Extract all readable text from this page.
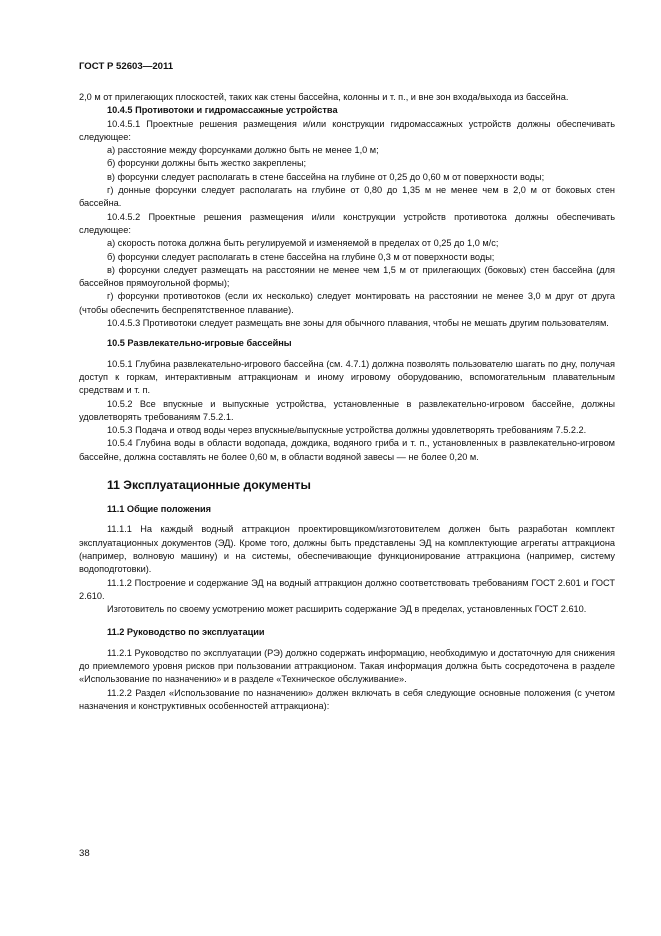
ГОСТ Р 52603—2011

2,0 м от прилегающих плоскостей, таких как стены бассейна, колонны и т. п., и вне зон входа/выхода из бассейна.

10.4.5 Противотоки и гидромассажные устройства

10.4.5.1 Проектные решения размещения и/или конструкции гидромассажных устройств должны обеспечивать следующее:

а) расстояние между форсунками должно быть не менее 1,0 м;

б) форсунки должны быть жестко закреплены;

в) форсунки следует располагать в стене бассейна на глубине от 0,25 до 0,60 м от поверхности воды;

г) донные форсунки следует располагать на глубине от 0,80 до 1,35 м не менее чем в 2,0 м от боковых стен бассейна.

10.4.5.2 Проектные решения размещения и/или конструкции устройств противотока должны обеспечивать следующее:

а) скорость потока должна быть регулируемой и изменяемой в пределах от 0,25 до 1,0 м/с;

б) форсунки следует располагать в стене бассейна на глубине 0,3 м от поверхности воды;

в) форсунки следует размещать на расстоянии не менее чем 1,5 м от прилегающих (боковых) стен бассейна (для бассейнов прямоугольной формы);

г) форсунки противотоков (если их несколько) следует монтировать на расстоянии не менее 3,0 м друг от друга (чтобы обеспечить беспрепятственное плавание).

10.4.5.3 Противотоки следует размещать вне зоны для обычного плавания, чтобы не мешать другим пользователям.

10.5 Развлекательно-игровые бассейны

10.5.1 Глубина развлекательно-игрового бассейна (см. 4.7.1) должна позволять пользователю шагать по дну, получая доступ к горкам, интерактивным аттракционам и иному игровому оборудованию, вспомогательным плавательным средствам и т. п.

10.5.2 Все впускные и выпускные устройства, установленные в развлекательно-игровом бассейне, должны удовлетворять требованиям 7.5.2.1.

10.5.3 Подача и отвод воды через впускные/выпускные устройства должны удовлетворять требованиям 7.5.2.2.

10.5.4 Глубина воды в области водопада, дождика, водяного гриба и т. п., установленных в развлекательно-игровом бассейне, должна составлять не более 0,60 м, в области водяной завесы — не более 0,20 м.

11 Эксплуатационные документы

11.1 Общие положения

11.1.1 На каждый водный аттракцион проектировщиком/изготовителем должен быть разработан комплект эксплуатационных документов (ЭД). Кроме того, должны быть представлены ЭД на комплектующие агрегаты аттракциона (например, волновую машину) и на системы, обеспечивающие функционирование аттракциона (например, систему водоподготовки).

11.1.2 Построение и содержание ЭД на водный аттракцион должно соответствовать требованиям ГОСТ 2.601 и ГОСТ 2.610.

Изготовитель по своему усмотрению может расширить содержание ЭД в пределах, установленных ГОСТ 2.610.

11.2 Руководство по эксплуатации

11.2.1 Руководство по эксплуатации (РЭ) должно содержать информацию, необходимую и достаточную для снижения до приемлемого уровня рисков при пользовании аттракционом. Такая информация должна быть сосредоточена в разделе «Использование по назначению» и в разделе «Техническое обслуживание».

11.2.2 Раздел «Использование по назначению» должен включать в себя следующие основные положения (с учетом назначения и конструктивных особенностей аттракциона):

38
